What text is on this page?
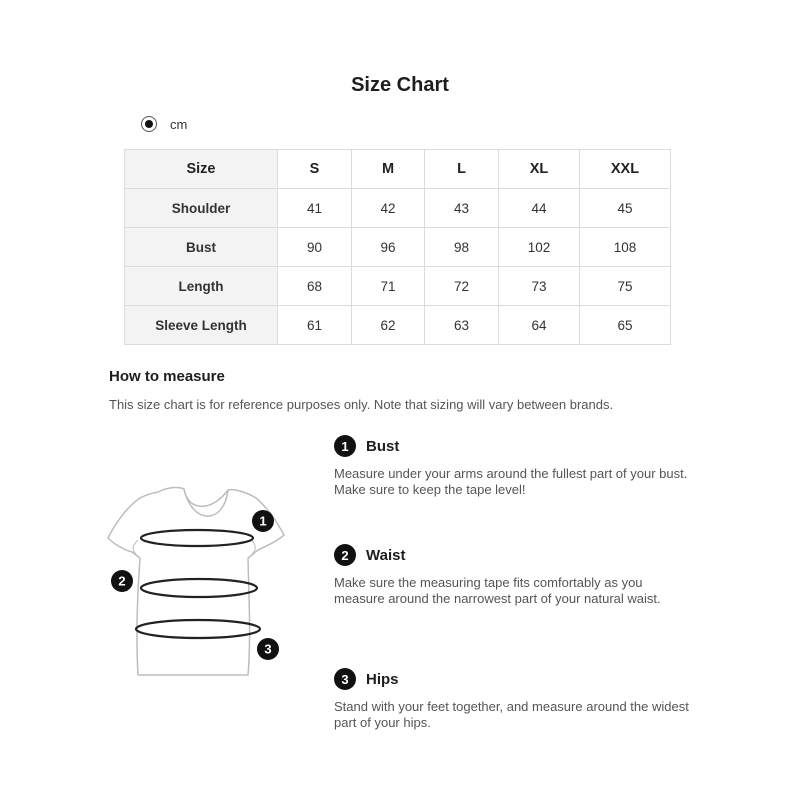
Size Chart
cm
Size	S	M	L	XL	XXL
Shoulder	41	42	43	44	45
Bust	90	96	98	102	108
Length	68	71	72	73	75
Sleeve Length	61	62	63	64	65
How to measure
This size chart is for reference purposes only. Note that sizing will vary between brands.
1
2
3
1	Bust
Measure under your arms around the fullest part of your bust. Make sure to keep the tape level!
2	Waist
Make sure the measuring tape fits comfortably as you measure around the narrowest part of your natural waist.
3	Hips
Stand with your feet together, and measure around the widest part of your hips.
